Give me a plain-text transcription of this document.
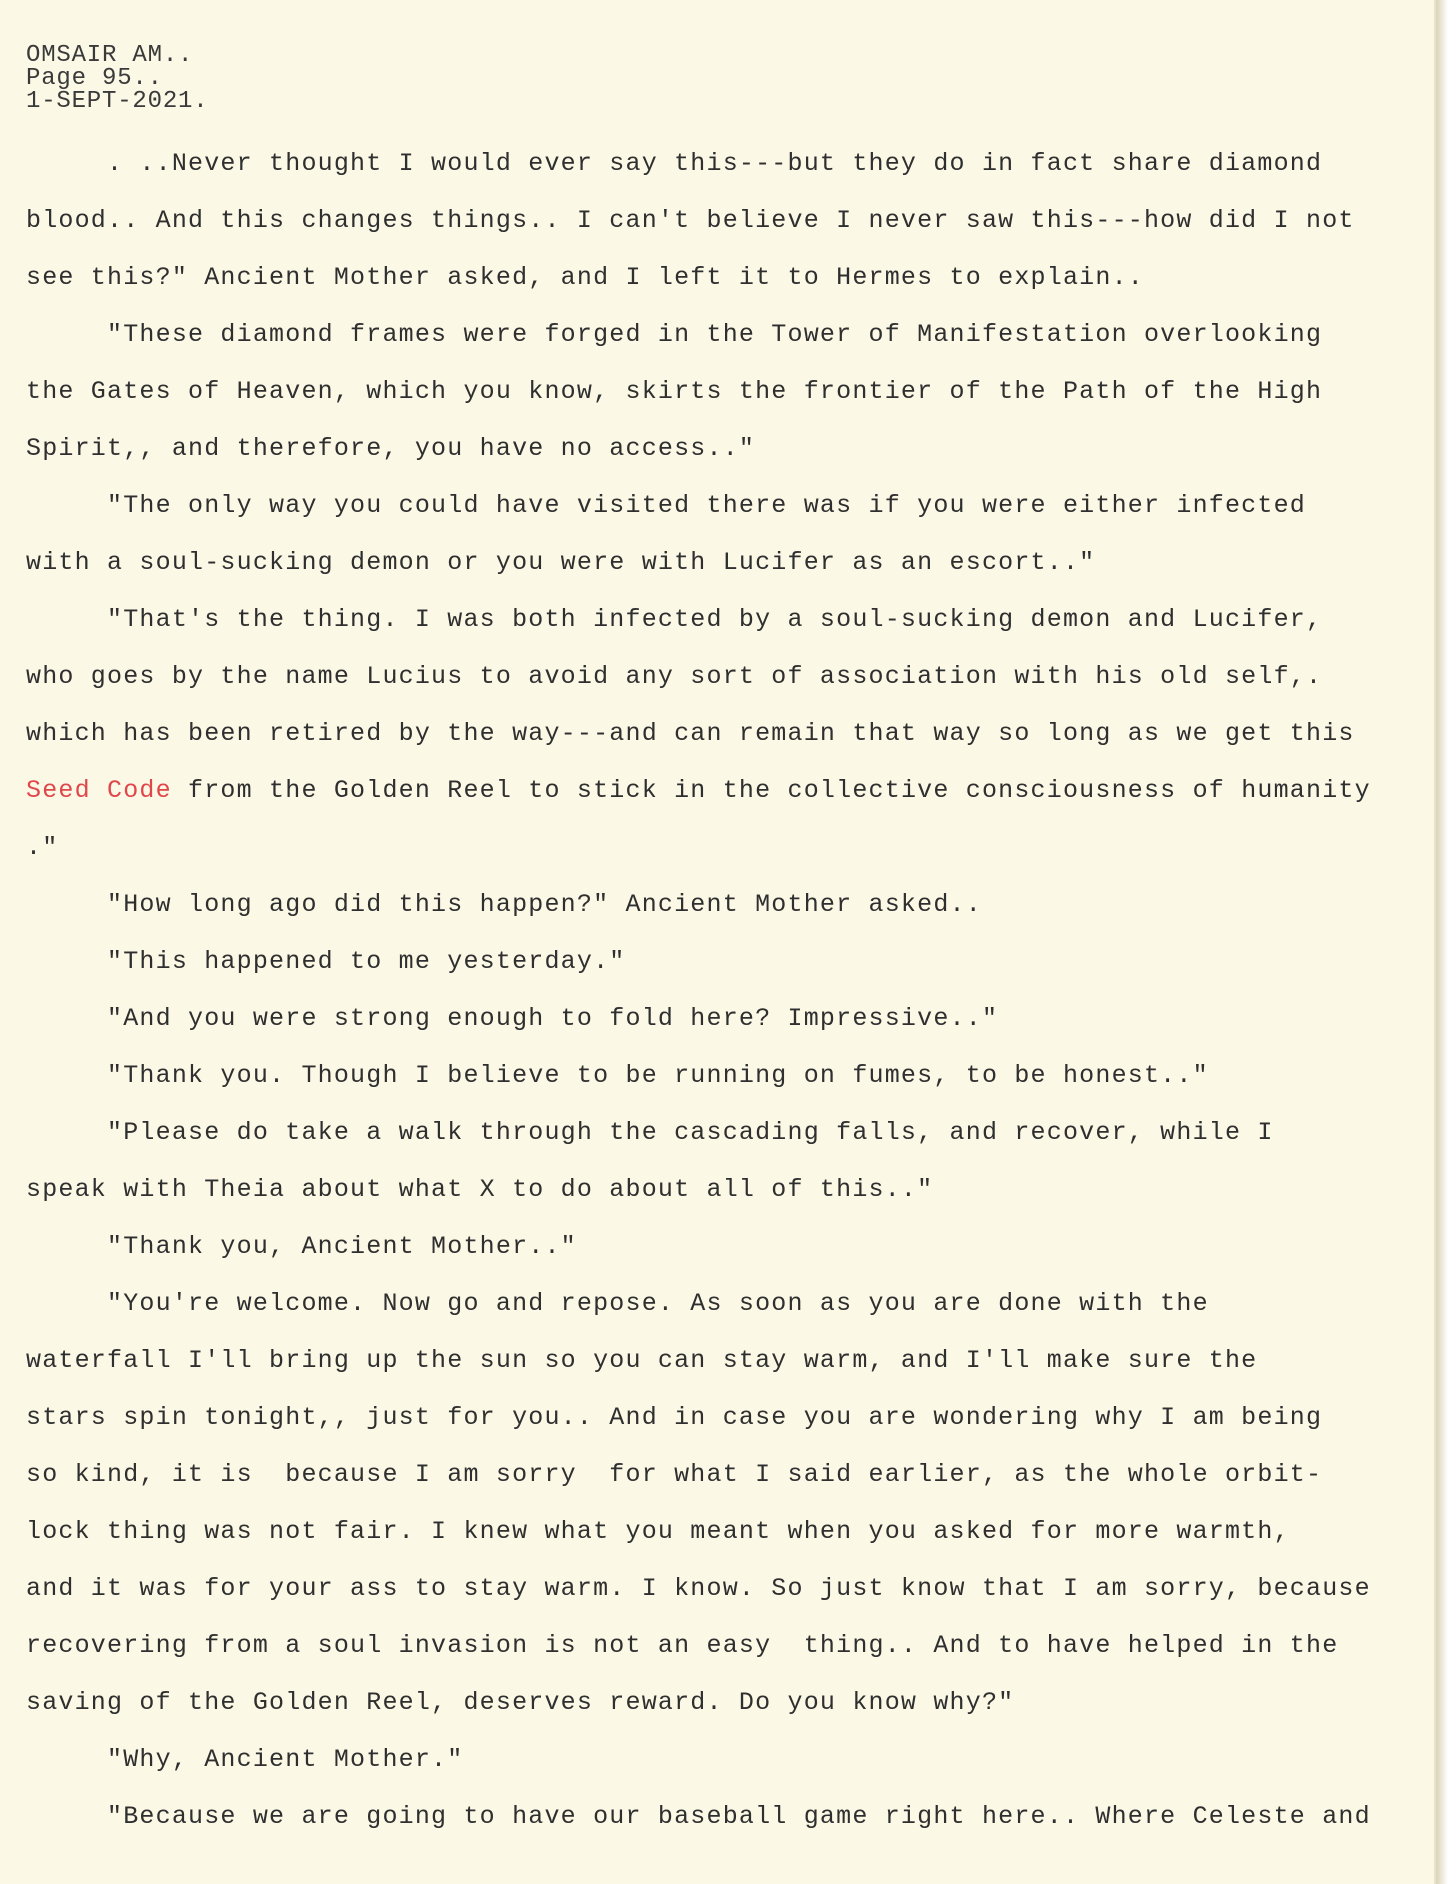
OMSAIR AM..
Page 95..
1-SEPT-2021.
. ..Never thought I would ever say this---but they do in fact share diamond
blood.. And this changes things.. I can't believe I never saw this---how did I not
see this?" Ancient Mother asked, and I left it to Hermes to explain..
"These diamond frames were forged in the Tower of Manifestation overlooking
the Gates of Heaven, which you know, skirts the frontier of the Path of the High
Spirit,, and therefore, you have no access.."
"The only way you could have visited there was if you were either infected
with a soul-sucking demon or you were with Lucifer as an escort.."
"That's the thing. I was both infected by a soul-sucking demon and Lucifer,
who goes by the name Lucius to avoid any sort of association with his old self,.
which has been retired by the way---and can remain that way so long as we get this
Seed Code from the Golden Reel to stick in the collective consciousness of humanity
."
"How long ago did this happen?" Ancient Mother asked..
"This happened to me yesterday."
"And you were strong enough to fold here? Impressive.."
"Thank you. Though I believe to be running on fumes, to be honest.."
"Please do take a walk through the cascading falls, and recover, while I
speak with Theia about what X to do about all of this.."
"Thank you, Ancient Mother.."
"You're welcome. Now go and repose. As soon as you are done with the
waterfall I'll bring up the sun so you can stay warm, and I'll make sure the
stars spin tonight,, just for you.. And in case you are wondering why I am being
so kind, it is  because I am sorry  for what I said earlier, as the whole orbit-
lock thing was not fair. I knew what you meant when you asked for more warmth,
and it was for your ass to stay warm. I know. So just know that I am sorry, because
recovering from a soul invasion is not an easy  thing.. And to have helped in the
saving of the Golden Reel, deserves reward. Do you know why?"
"Why, Ancient Mother."
"Because we are going to have our baseball game right here.. Where Celeste and
